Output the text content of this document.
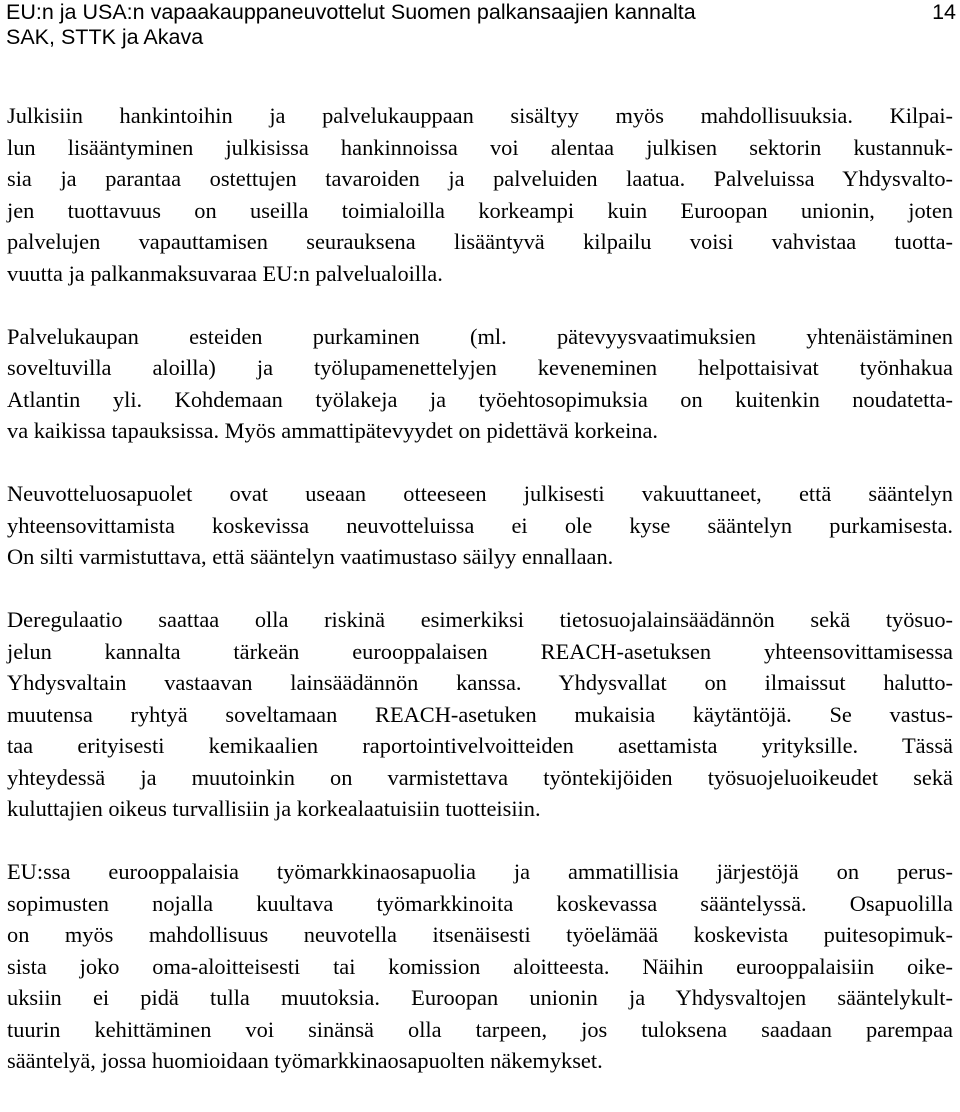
EU:n ja USA:n vapaakauppaneuvottelut Suomen palkansaajien kannalta
SAK, STTK ja Akava
14

Julkisiin hankintoihin ja palvelukauppaan sisältyy myös mahdollisuuksia. Kilpai-
lun lisääntyminen julkisissa hankinnoissa voi alentaa julkisen sektorin kustannuk-
sia ja parantaa ostettujen tavaroiden ja palveluiden laatua. Palveluissa Yhdysvalto-
jen tuottavuus on useilla toimialoilla korkeampi kuin Euroopan unionin, joten
palvelujen vapauttamisen seurauksena lisääntyvä kilpailu voisi vahvistaa tuotta-
vuutta ja palkanmaksuvaraa EU:n palvelualoilla.

Palvelukaupan esteiden purkaminen (ml. pätevyysvaatimuksien yhtenäistäminen
soveltuvilla aloilla) ja työlupamenettelyjen keveneminen helpottaisivat työnhakua
Atlantin yli. Kohdemaan työlakeja ja työehtosopimuksia on kuitenkin noudatetta-
va kaikissa tapauksissa. Myös ammattipätevyydet on pidettävä korkeina.

Neuvotteluosapuolet ovat useaan otteeseen julkisesti vakuuttaneet, että sääntelyn
yhteensovittamista koskevissa neuvotteluissa ei ole kyse sääntelyn purkamisesta.
On silti varmistuttava, että sääntelyn vaatimustaso säilyy ennallaan.

Deregulaatio saattaa olla riskinä esimerkiksi tietosuojalainsäädännön sekä työsuo-
jelun kannalta tärkeän eurooppalaisen REACH-asetuksen yhteensovittamisessa
Yhdysvaltain vastaavan lainsäädännön kanssa. Yhdysvallat on ilmaissut halutto-
muutensa ryhtyä soveltamaan REACH-asetuken mukaisia käytäntöjä. Se vastus-
taa erityisesti kemikaalien raportointivelvoitteiden asettamista yrityksille. Tässä
yhteydessä ja muutoinkin on varmistettava työntekijöiden työsuojeluoikeudet sekä
kuluttajien oikeus turvallisiin ja korkealaatuisiin tuotteisiin.

EU:ssa eurooppalaisia työmarkkinaosapuolia ja ammatillisia järjestöjä on perus-
sopimusten nojalla kuultava työmarkkinoita koskevassa sääntelyssä. Osapuolilla
on myös mahdollisuus neuvotella itsenäisesti työelämää koskevista puitesopimuk-
sista joko oma-aloitteisesti tai komission aloitteesta. Näihin eurooppalaisiin oike-
uksiin ei pidä tulla muutoksia. Euroopan unionin ja Yhdysvaltojen sääntelykult-
tuurin kehittäminen voi sinänsä olla tarpeen, jos tuloksena saadaan parempaa
sääntelyä, jossa huomioidaan työmarkkinaosapuolten näkemykset.
